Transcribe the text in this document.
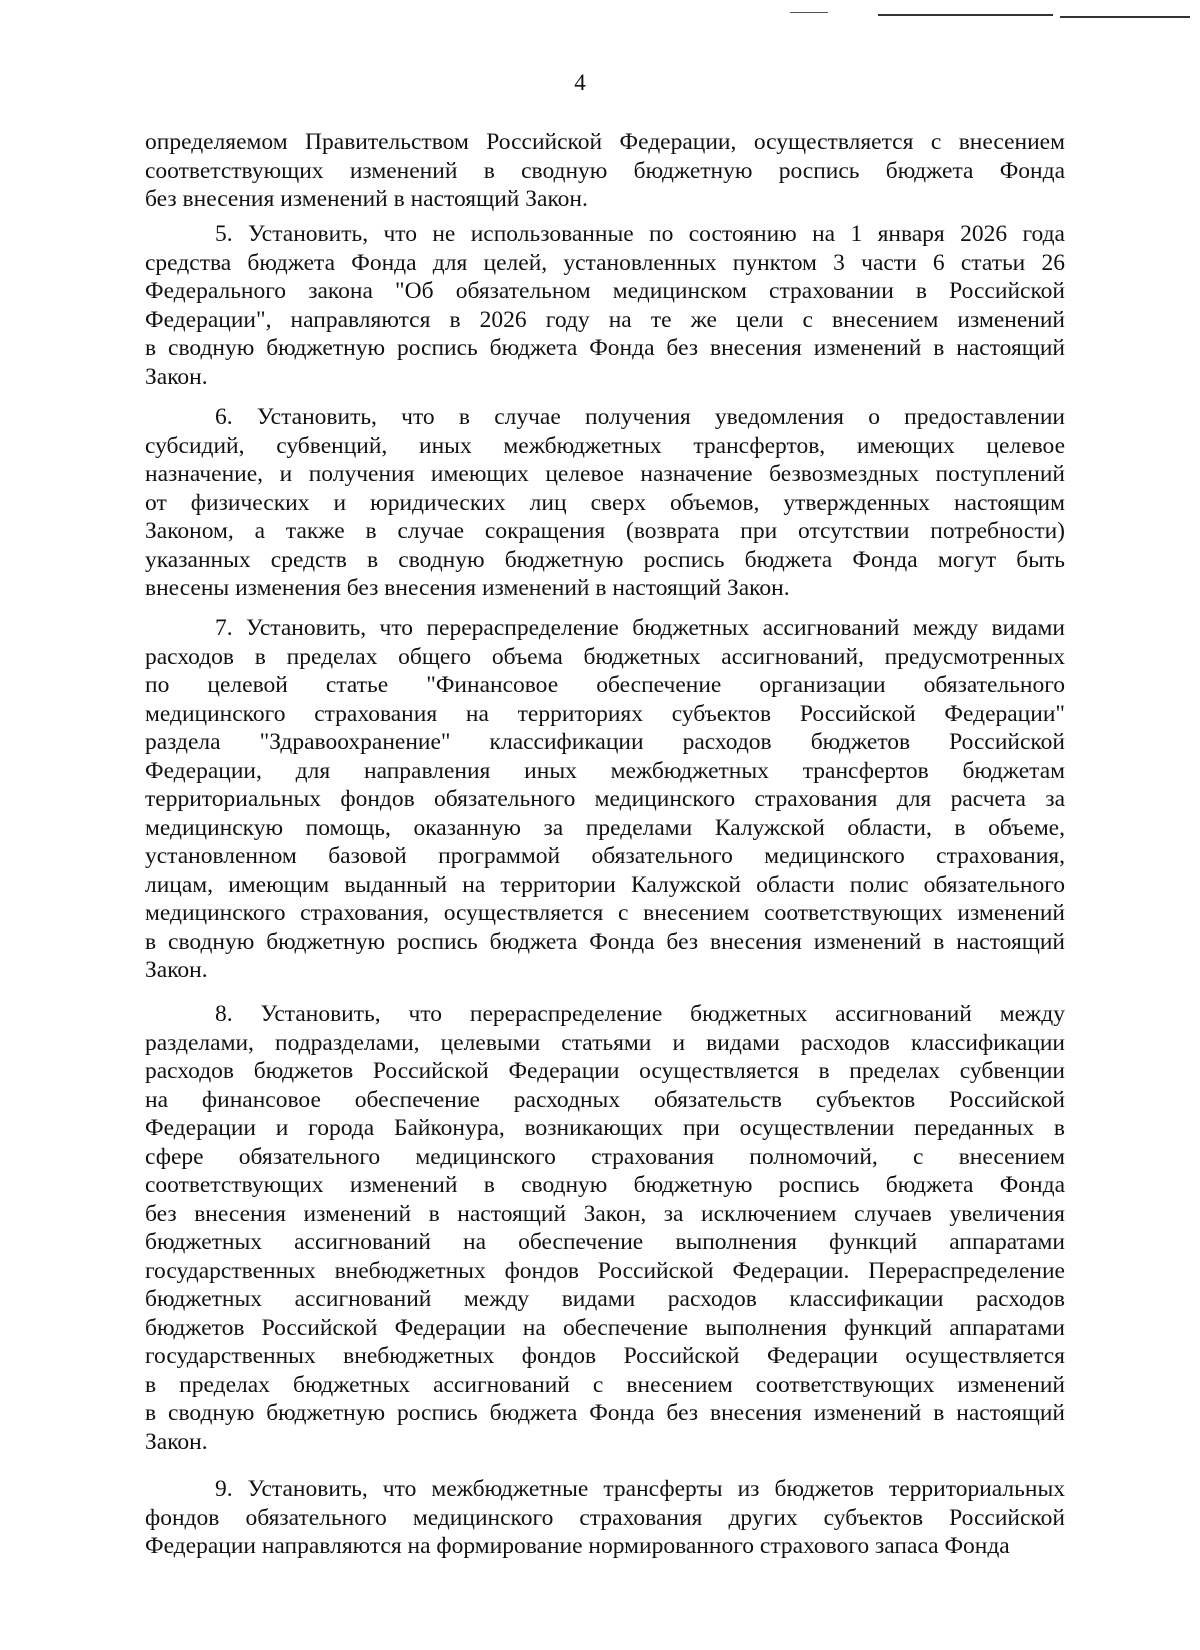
4

определяемом Правительством Российской Федерации, осуществляется с внесением
соответствующих изменений в сводную бюджетную роспись бюджета Фонда
без внесения изменений в настоящий Закон.

5. Установить, что не использованные по состоянию на 1 января 2026 года
средства бюджета Фонда для целей, установленных пунктом 3 части 6 статьи 26
Федерального закона "Об обязательном медицинском страховании в Российской
Федерации", направляются в 2026 году на те же цели с внесением изменений
в сводную бюджетную роспись бюджета Фонда без внесения изменений в настоящий
Закон.

6. Установить, что в случае получения уведомления о предоставлении
субсидий, субвенций, иных межбюджетных трансфертов, имеющих целевое
назначение, и получения имеющих целевое назначение безвозмездных поступлений
от физических и юридических лиц сверх объемов, утвержденных настоящим
Законом, а также в случае сокращения (возврата при отсутствии потребности)
указанных средств в сводную бюджетную роспись бюджета Фонда могут быть
внесены изменения без внесения изменений в настоящий Закон.

7. Установить, что перераспределение бюджетных ассигнований между видами
расходов в пределах общего объема бюджетных ассигнований, предусмотренных
по целевой статье "Финансовое обеспечение организации обязательного
медицинского страхования на территориях субъектов Российской Федерации"
раздела "Здравоохранение" классификации расходов бюджетов Российской
Федерации, для направления иных межбюджетных трансфертов бюджетам
территориальных фондов обязательного медицинского страхования для расчета за
медицинскую помощь, оказанную за пределами Калужской области, в объеме,
установленном базовой программой обязательного медицинского страхования,
лицам, имеющим выданный на территории Калужской области полис обязательного
медицинского страхования, осуществляется с внесением соответствующих изменений
в сводную бюджетную роспись бюджета Фонда без внесения изменений в настоящий
Закон.

8. Установить, что перераспределение бюджетных ассигнований между
разделами, подразделами, целевыми статьями и видами расходов классификации
расходов бюджетов Российской Федерации осуществляется в пределах субвенции
на финансовое обеспечение расходных обязательств субъектов Российской
Федерации и города Байконура, возникающих при осуществлении переданных в
сфере обязательного медицинского страхования полномочий, с внесением
соответствующих изменений в сводную бюджетную роспись бюджета Фонда
без внесения изменений в настоящий Закон, за исключением случаев увеличения
бюджетных ассигнований на обеспечение выполнения функций аппаратами
государственных внебюджетных фондов Российской Федерации. Перераспределение
бюджетных ассигнований между видами расходов классификации расходов
бюджетов Российской Федерации на обеспечение выполнения функций аппаратами
государственных внебюджетных фондов Российской Федерации осуществляется
в пределах бюджетных ассигнований с внесением соответствующих изменений
в сводную бюджетную роспись бюджета Фонда без внесения изменений в настоящий
Закон.

9. Установить, что межбюджетные трансферты из бюджетов территориальных
фондов обязательного медицинского страхования других субъектов Российской
Федерации направляются на формирование нормированного страхового запаса Фонда
